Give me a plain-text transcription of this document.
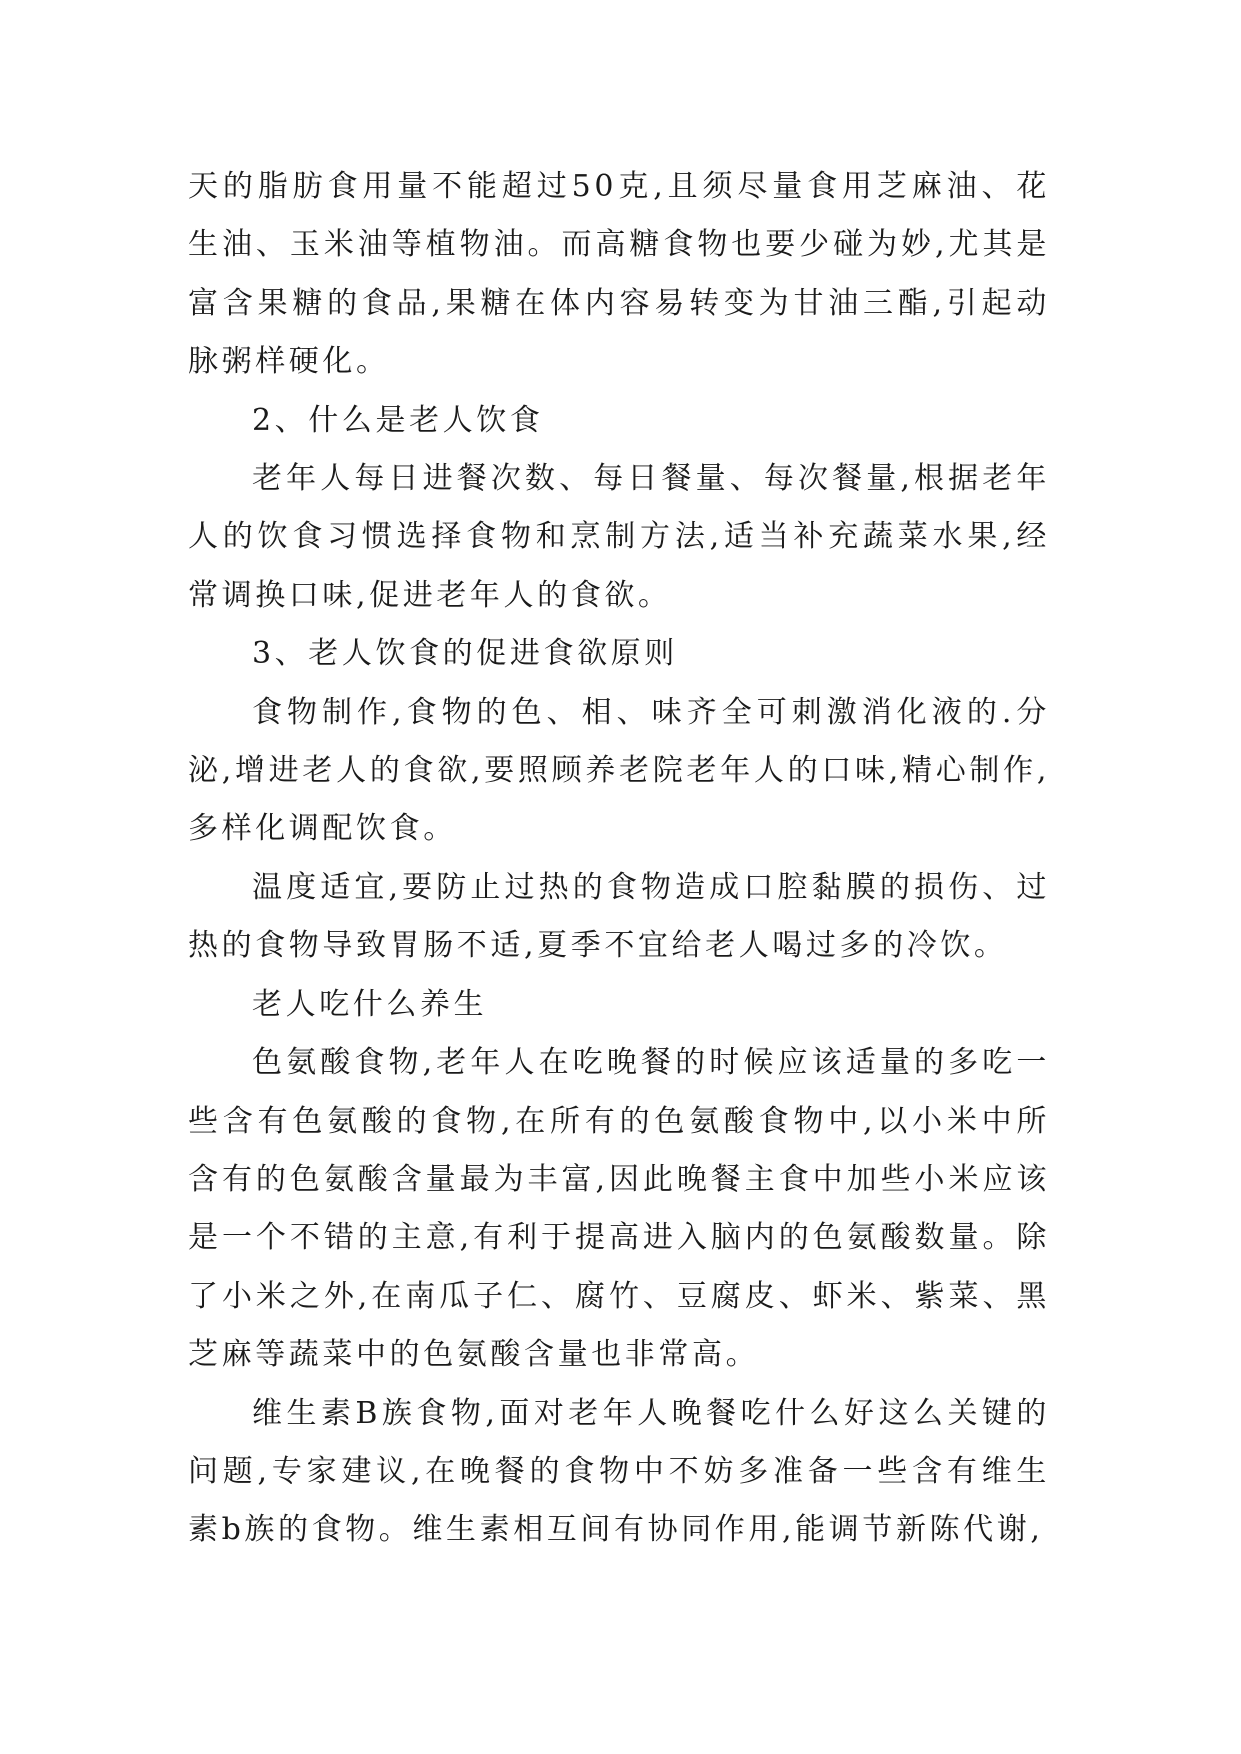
天的脂肪食用量不能超过50克,且须尽量食用芝麻油、花生油、玉米油等植物油。而高糖食物也要少碰为妙,尤其是富含果糖的食品,果糖在体内容易转变为甘油三酯,引起动脉粥样硬化。

2、什么是老人饮食

老年人每日进餐次数、每日餐量、每次餐量,根据老年人的饮食习惯选择食物和烹制方法,适当补充蔬菜水果,经常调换口味,促进老年人的食欲。

3、老人饮食的促进食欲原则

食物制作,食物的色、相、味齐全可刺激消化液的.分泌,增进老人的食欲,要照顾养老院老年人的口味,精心制作,多样化调配饮食。

温度适宜,要防止过热的食物造成口腔黏膜的损伤、过热的食物导致胃肠不适,夏季不宜给老人喝过多的冷饮。

老人吃什么养生

色氨酸食物,老年人在吃晚餐的时候应该适量的多吃一些含有色氨酸的食物,在所有的色氨酸食物中,以小米中所含有的色氨酸含量最为丰富,因此晚餐主食中加些小米应该是一个不错的主意,有利于提高进入脑内的色氨酸数量。除了小米之外,在南瓜子仁、腐竹、豆腐皮、虾米、紫菜、黑芝麻等蔬菜中的色氨酸含量也非常高。

维生素B族食物,面对老年人晚餐吃什么好这么关键的问题,专家建议,在晚餐的食物中不妨多准备一些含有维生素b族的食物。维生素相互间有协同作用,能调节新陈代谢,
